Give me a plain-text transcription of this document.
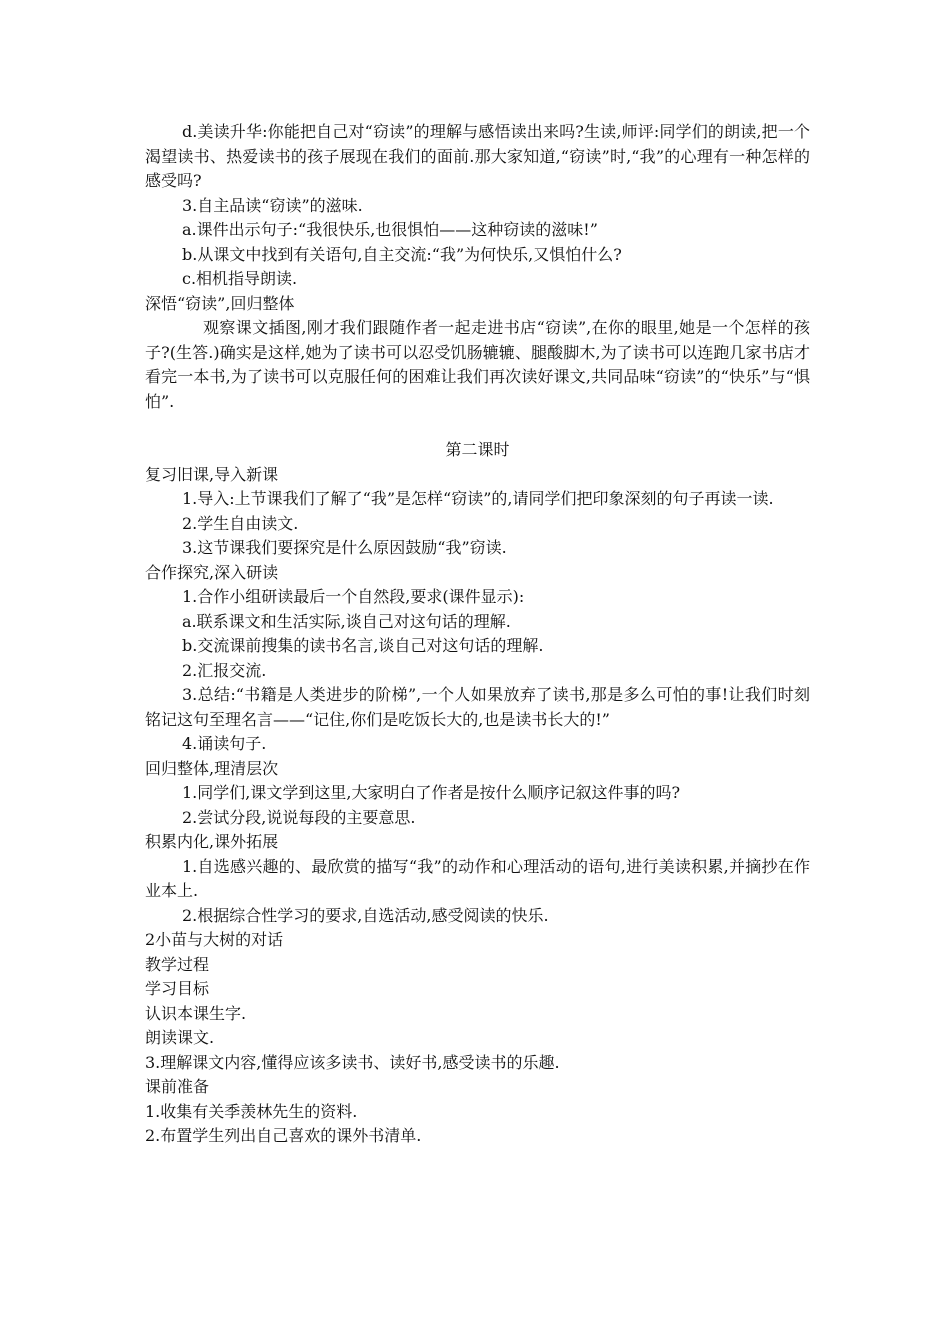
d.美读升华:你能把自己对“窃读”的理解与感悟读出来吗?生读,师评:同学们的朗读,把一个渴望读书、热爱读书的孩子展现在我们的面前.那大家知道,“窃读”时,“我”的心理有一种怎样的感受吗?
3.自主品读“窃读”的滋味.
a.课件出示句子:“我很快乐,也很惧怕——这种窃读的滋味!”
b.从课文中找到有关语句,自主交流:“我”为何快乐,又惧怕什么?
c.相机指导朗读.
深悟“窃读”,回归整体
观察课文插图,刚才我们跟随作者一起走进书店“窃读”,在你的眼里,她是一个怎样的孩子?(生答.)确实是这样,她为了读书可以忍受饥肠辘辘、腿酸脚木,为了读书可以连跑几家书店才看完一本书,为了读书可以克服任何的困难让我们再次读好课文,共同品味“窃读”的“快乐”与“惧怕”.
第二课时
复习旧课,导入新课
1.导入:上节课我们了解了“我”是怎样“窃读”的,请同学们把印象深刻的句子再读一读.
2.学生自由读文.
3.这节课我们要探究是什么原因鼓励“我”窃读.
合作探究,深入研读
1.合作小组研读最后一个自然段,要求(课件显示):
a.联系课文和生活实际,谈自己对这句话的理解.
b.交流课前搜集的读书名言,谈自己对这句话的理解.
2.汇报交流.
3.总结:“书籍是人类进步的阶梯”,一个人如果放弃了读书,那是多么可怕的事!让我们时刻铭记这句至理名言——“记住,你们是吃饭长大的,也是读书长大的!”
4.诵读句子.
回归整体,理清层次
1.同学们,课文学到这里,大家明白了作者是按什么顺序记叙这件事的吗?
2.尝试分段,说说每段的主要意思.
积累内化,课外拓展
1.自选感兴趣的、最欣赏的描写“我”的动作和心理活动的语句,进行美读积累,并摘抄在作业本上.
2.根据综合性学习的要求,自选活动,感受阅读的快乐.
2小苗与大树的对话
教学过程
学习目标
认识本课生字.
朗读课文.
3.理解课文内容,懂得应该多读书、读好书,感受读书的乐趣.
课前准备
1.收集有关季羡林先生的资料.
2.布置学生列出自己喜欢的课外书清单.
